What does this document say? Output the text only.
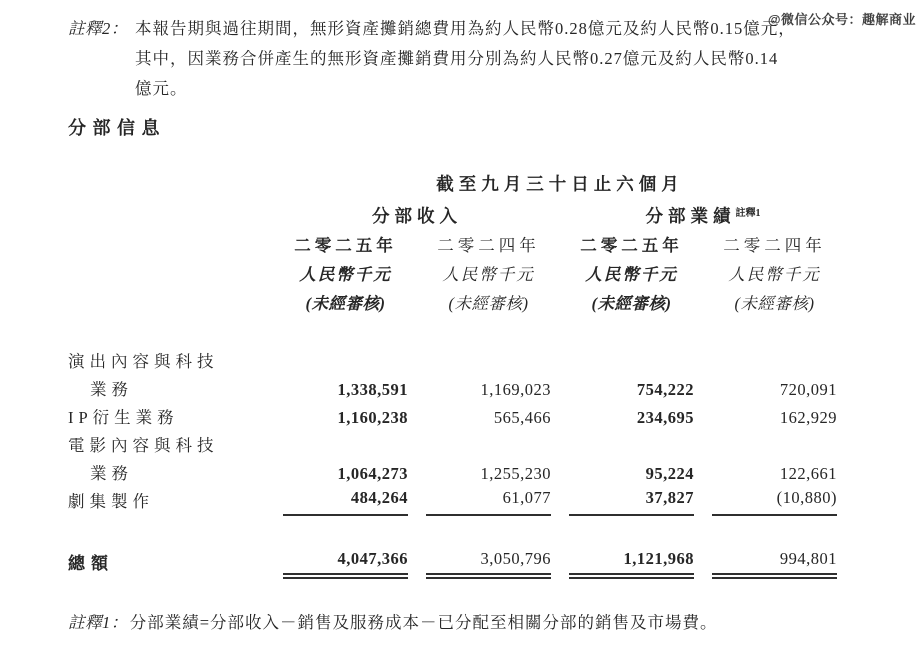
@微信公众号：趣解商业
註釋2： 本報告期與過往期間，無形資產攤銷總費用為約人民幣0.28億元及約人民幣0.15億元，
其中，因業務合併產生的無形資產攤銷費用分別為約人民幣0.27億元及約人民幣0.14
億元。
分部信息
截至九月三十日止六個月
分部收入	分部業績$^{註釋1}$
二零二五年	二零二四年	二零二五年	二零二四年
人民幣千元	人民幣千元	人民幣千元	人民幣千元
(未經審核)	(未經審核)	(未經審核)	(未經審核)
演出內容與科技
業務	1,338,591	1,169,023	754,222	720,091
IP衍生業務	1,160,238	565,466	234,695	162,929
電影內容與科技
業務	1,064,273	1,255,230	95,224	122,661
劇集製作	484,264	61,077	37,827	(10,880)
總額	4,047,366	3,050,796	1,121,968	994,801
註釋1： 分部業績=分部收入－銷售及服務成本－已分配至相關分部的銷售及市場費。
